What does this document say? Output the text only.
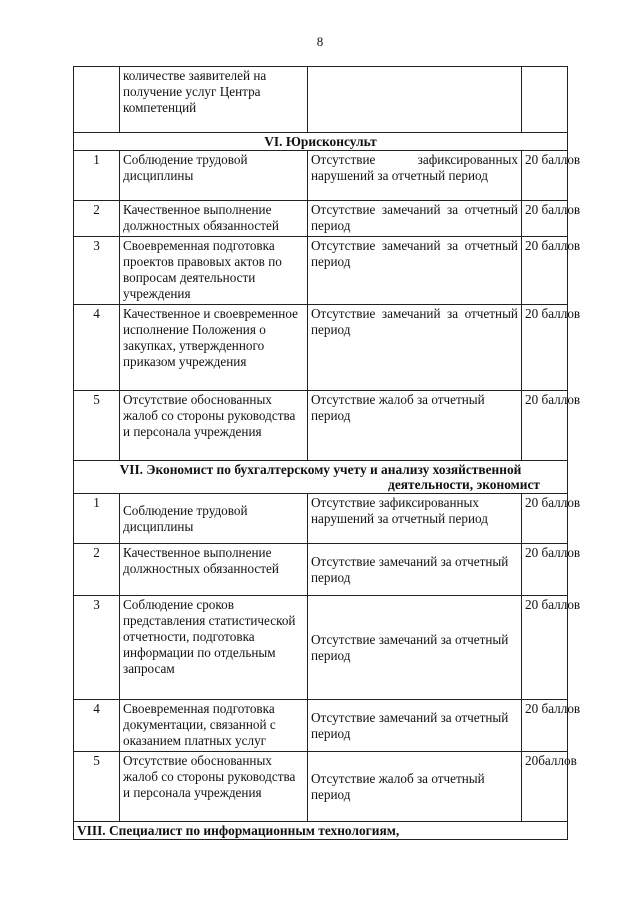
8
	количестве заявителей на получение услуг Центра компетенций		
VI. Юрисконсульт			
1	Соблюдение трудовой дисциплины	Отсутствие зафиксированных нарушений за отчетный период	20 баллов
2	Качественное выполнение должностных обязанностей	Отсутствие замечаний за отчетный период	20 баллов
3	Своевременная подготовка проектов правовых актов по вопросам деятельности учреждения	Отсутствие замечаний за отчетный период	20 баллов
4	Качественное и своевременное исполнение Положения о закупках, утвержденного приказом учреждения	Отсутствие замечаний за отчетный период	20 баллов
5	Отсутствие обоснованных жалоб со стороны руководства и персонала учреждения	Отсутствие жалоб за отчетный период	20 баллов

VII. Экономист по бухгалтерскому учету и анализу хозяйственной
деятельности, экономист			

1	Соблюдение трудовой дисциплины	Отсутствие зафиксированных нарушений за отчетный период	20 баллов
2	Качественное выполнение должностных обязанностей	Отсутствие замечаний за отчетный период	20 баллов
3	Соблюдение сроков представления статистической отчетности, подготовка информации по отдельным запросам	Отсутствие замечаний за отчетный период	20 баллов
4	Своевременная подготовка документации, связанной с оказанием платных услуг	Отсутствие замечаний за отчетный период	20 баллов
5	Отсутствие обоснованных жалоб со стороны руководства и персонала учреждения	Отсутствие жалоб за отчетный период	20баллов
VIII. Специалист по информационным технологиям,			
